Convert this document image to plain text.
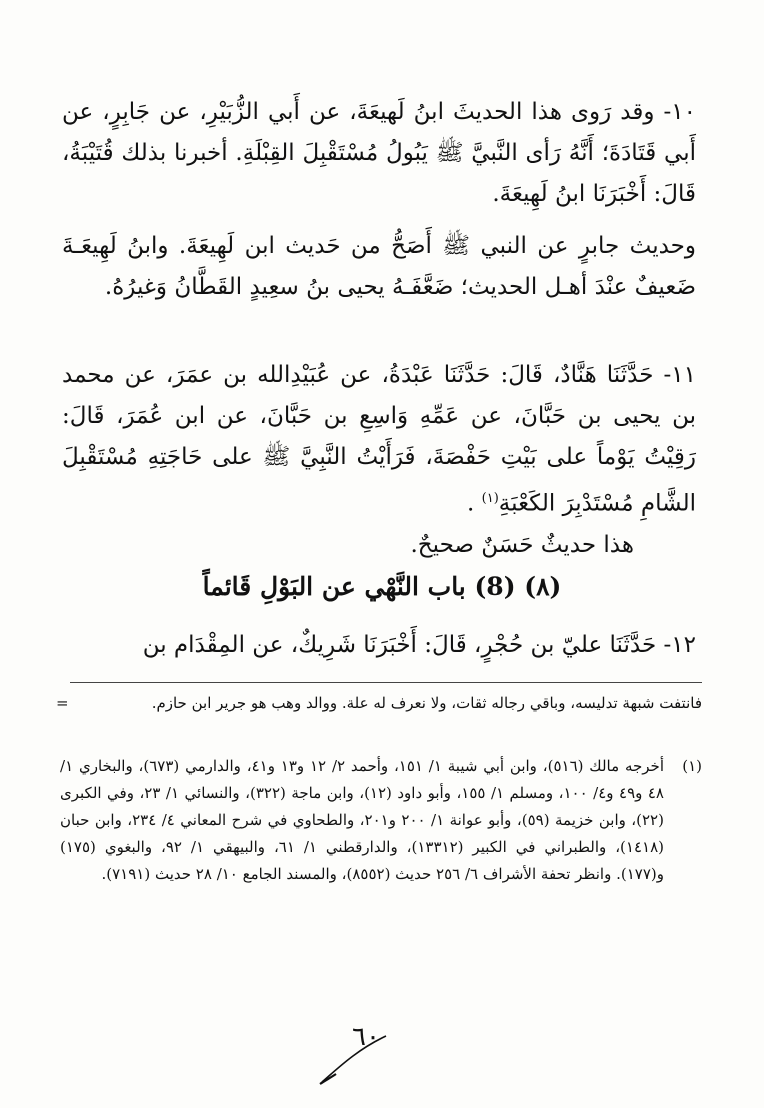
١٠- وقد رَوى هذا الحديثَ ابنُ لَهيعَةَ، عن أَبي الزُّبَيْرِ، عن جَابِرٍ، عن أَبي قَتَادَةَ؛ أَنَّهُ رَأى النَّبيَّ ﷺ يَبُولُ مُسْتَقْبِلَ القِبْلَةِ. أخبرنا بذلك قُتَيْبَةُ، قَالَ: أَخْبَرَنَا ابنُ لَهِيعَةَ.
وحديث جابرٍ عن النبي ﷺ أَصَحُّ من حَديث ابن لَهِيعَةَ. وابنُ لَهِيعَـةَ ضَعيفٌ عنْدَ أهـل الحديث؛ ضَعَّفَـهُ يحيى بنُ سعِيدٍ القَطَّانُ وَغيرُهُ.
١١- حَدَّثَنَا هَنَّادٌ، قَالَ: حَدَّثَنَا عَبْدَةُ، عن عُبَيْدِالله بن عمَرَ، عن محمد بن يحيى بن حَبَّانَ، عن عَمِّهِ وَاسِعِ بن حَبَّانَ، عن ابن عُمَرَ، قَالَ: رَقِيْتُ يَوْماً على بَيْتِ حَفْصَةَ، فَرَأَيْتُ النَّبِيَّ ﷺ على حَاجَتِهِ مُسْتَقْبِلَ الشَّامِ مُسْتَدْبِرَ الكَعْبَةِ$^{(١)}$ .
هذا حديثٌ حَسَنٌ صحيحٌ.
(٨) (8) باب النَّهْي عن البَوْلِ قَائماً
١٢- حَدَّثَنَا عليّ بن حُجْرٍ، قَالَ: أَخْبَرَنَا شَرِيكٌ، عن المِقْدَام بن
=	فانتفت شبهة تدليسه، وباقي رجاله ثقات، ولا نعرف له علة. ووالد وهب هو جرير ابن حازم.
(١)
أخرجه مالك (٥١٦)، وابن أبي شيبة ١/ ١٥١، وأحمد ٢/ ١٢ و١٣ و٤١، والدارمي (٦٧٣)، والبخاري ١/ ٤٨ و٤٩ و٤/ ١٠٠، ومسلم ١/ ١٥٥، وأبو داود (١٢)، وابن ماجة (٣٢٢)، والنسائي ١/ ٢٣، وفي الكبرى (٢٢)، وابن خزيمة (٥٩)، وأبو عوانة ١/ ٢٠٠ و٢٠١، والطحاوي في شرح المعاني ٤/ ٢٣٤، وابن حبان (١٤١٨)، والطبراني في الكبير (١٣٣١٢)، والدارقطني ١/ ٦١، والبيهقي ١/ ٩٢، والبغوي (١٧٥) و(١٧٧). وانظر تحفة الأشراف ٦/ ٢٥٦ حديث (٨٥٥٢)، والمسند الجامع ١٠/ ٢٨ حديث (٧١٩١).
٦٠
